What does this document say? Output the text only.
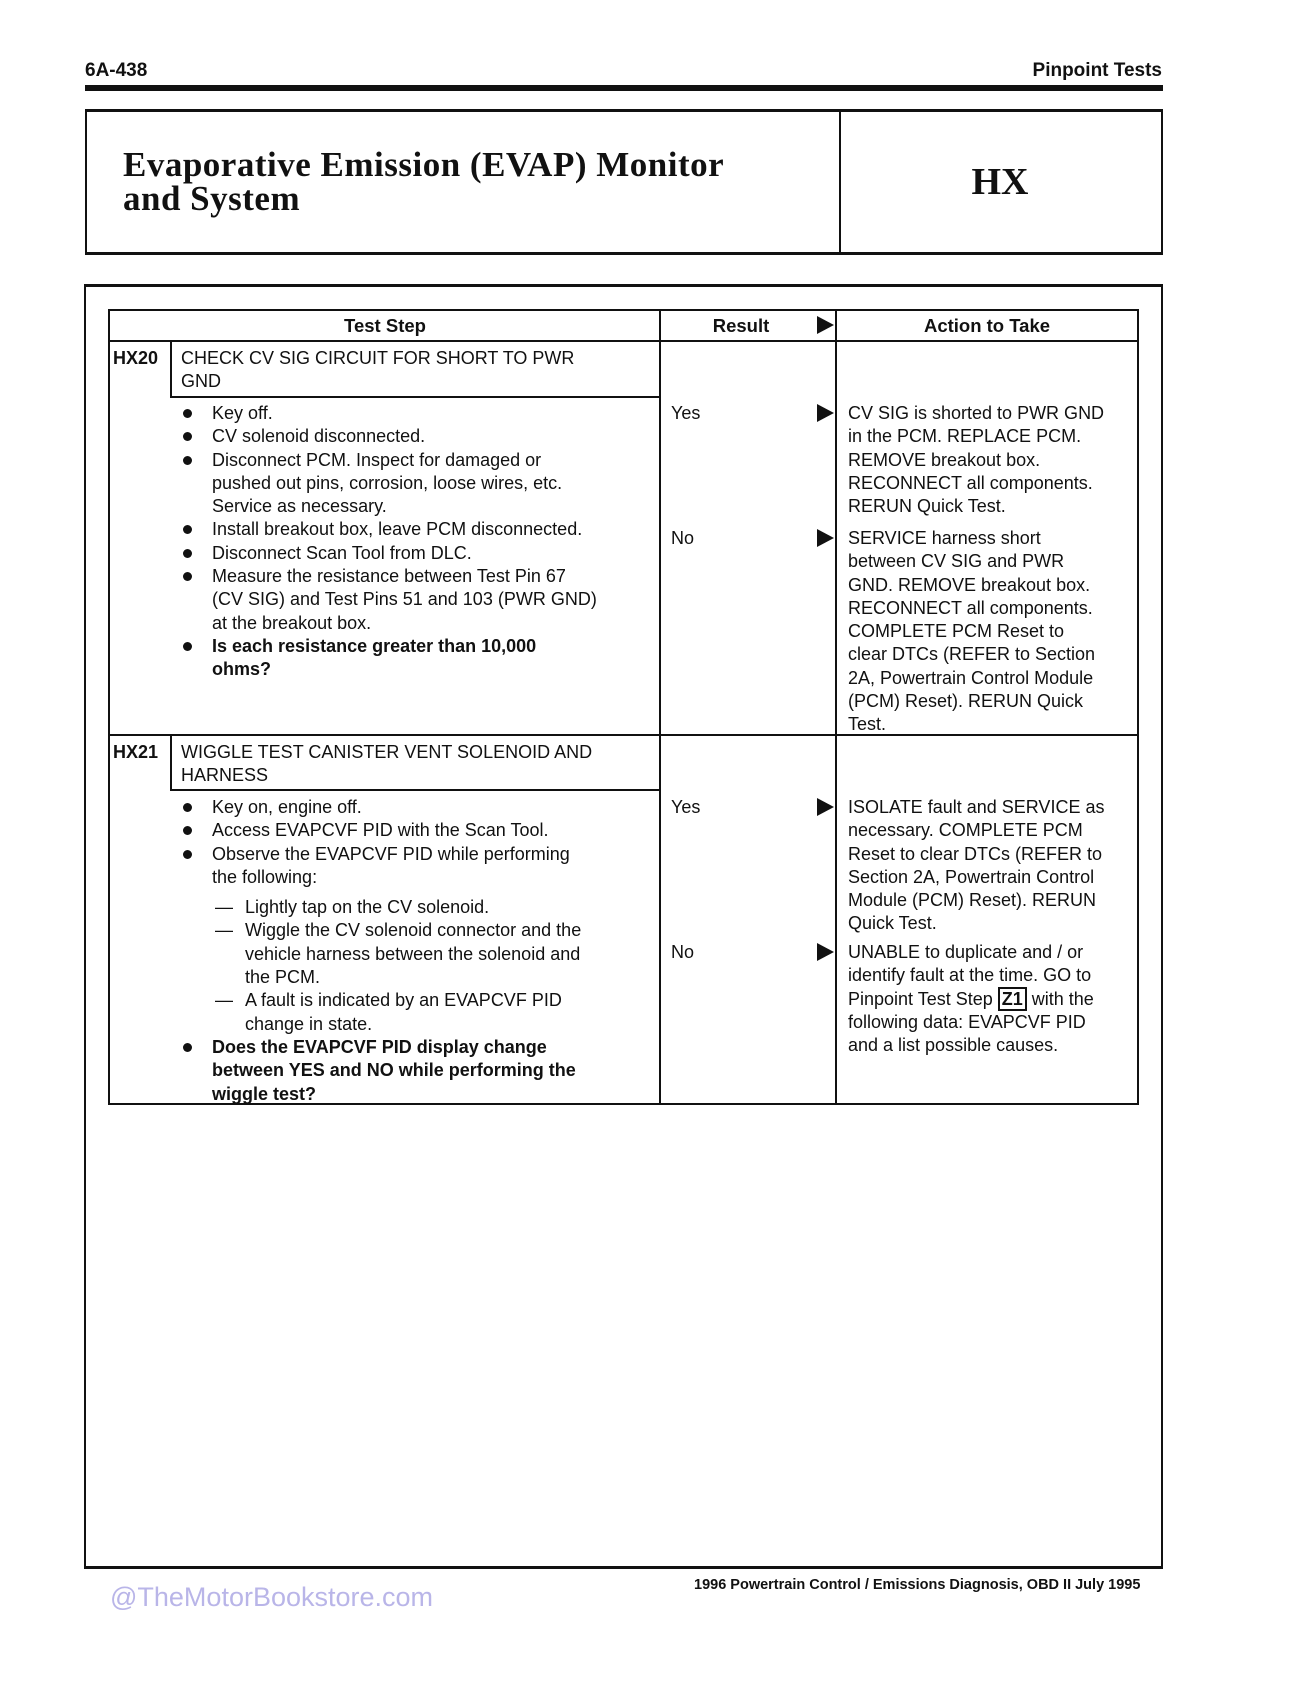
6A-438	Pinpoint Tests
Evaporative Emission (EVAP) Monitor
and System	HX
Test Step	Result	Action to Take
HX20 CHECK CV SIG CIRCUIT FOR SHORT TO PWR
GND
Key off.
CV solenoid disconnected.
Disconnect PCM. Inspect for damaged or
pushed out pins, corrosion, loose wires, etc.
Service as necessary.
Install breakout box, leave PCM disconnected.
Disconnect Scan Tool from DLC.
Measure the resistance between Test Pin 67
(CV SIG) and Test Pins 51 and 103 (PWR GND)
at the breakout box.
Is each resistance greater than 10,000
ohms?
Yes	CV SIG is shorted to PWR GND
in the PCM. REPLACE PCM.
REMOVE breakout box.
RECONNECT all components.
RERUN Quick Test.
No	SERVICE harness short
between CV SIG and PWR
GND. REMOVE breakout box.
RECONNECT all components.
COMPLETE PCM Reset to
clear DTCs (REFER to Section
2A, Powertrain Control Module
(PCM) Reset). RERUN Quick
Test.
HX21 WIGGLE TEST CANISTER VENT SOLENOID AND
HARNESS
Key on, engine off.
Access EVAPCVF PID with the Scan Tool.
Observe the EVAPCVF PID while performing
the following:
— Lightly tap on the CV solenoid.
— Wiggle the CV solenoid connector and the
vehicle harness between the solenoid and
the PCM.
— A fault is indicated by an EVAPCVF PID
change in state.
Does the EVAPCVF PID display change
between YES and NO while performing the
wiggle test?
Yes	ISOLATE fault and SERVICE as
necessary. COMPLETE PCM
Reset to clear DTCs (REFER to
Section 2A, Powertrain Control
Module (PCM) Reset). RERUN
Quick Test.
No	UNABLE to duplicate and / or
identify fault at the time. GO to
Pinpoint Test Step Z1 with the
following data: EVAPCVF PID
and a list possible causes.
1996 Powertrain Control / Emissions Diagnosis, OBD II July 1995
@TheMotorBookstore.com
